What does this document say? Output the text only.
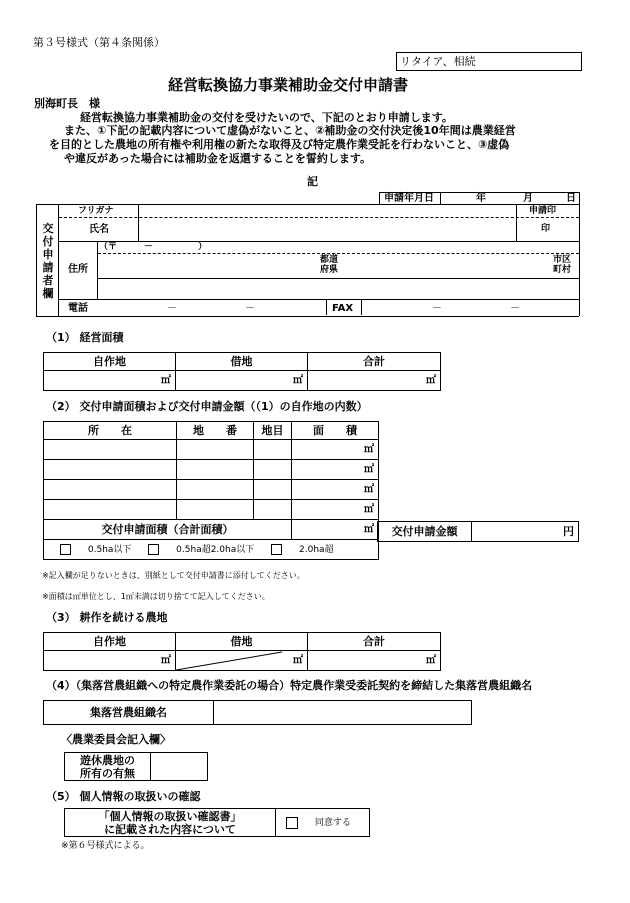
第３号様式（第４条関係）
リタイア、相続
経営転換協力事業補助金交付申請書
別海町長　様
経営転換協力事業補助金の交付を受けたいので、下記のとおり申請します。
また、①下記の記載内容について虚偽がないこと、②補助金の交付決定後10年間は農業経営
を目的とした農地の所有権や利用権の新たな取得及び特定農作業受託を行わないこと、③虚偽
や違反があった場合には補助金を返還することを誓約します。
記
申請年月日	年	月	日
交
付
申
請
者
欄
フリガナ	申請印
氏名	印
住所
（〒　　　－　　　　　）
都道
府県
市区
町村
電話	－	－	FAX	－	－
（1） 経営面積
自作地	借地	合計
㎡	㎡	㎡
（2） 交付申請面積および交付申請金額（（1）の自作地の内数）
所　　在	地　　番	地目	面　　積
			㎡
			㎡
			㎡
			㎡
交付申請面積（合計面積）			㎡
0.5ha以下 0.5ha超2.0ha以下 2.0ha超			
交付申請金額	円
※記入欄が足りないときは、別紙として交付申請書に添付してください。
※面積は㎡単位とし、1㎡未満は切り捨てて記入してください。
（3） 耕作を続ける農地
自作地	借地	合計
㎡	㎡	㎡
（4）（集落営農組織への特定農作業委託の場合）特定農作業受委託契約を締結した集落営農組織名
集落営農組織名	
〈農業委員会記入欄〉
遊休農地の
所有の有無

（5） 個人情報の取扱いの確認
「個人情報の取扱い確認書」
に記載された内容について	同意する
※第６号様式による。
